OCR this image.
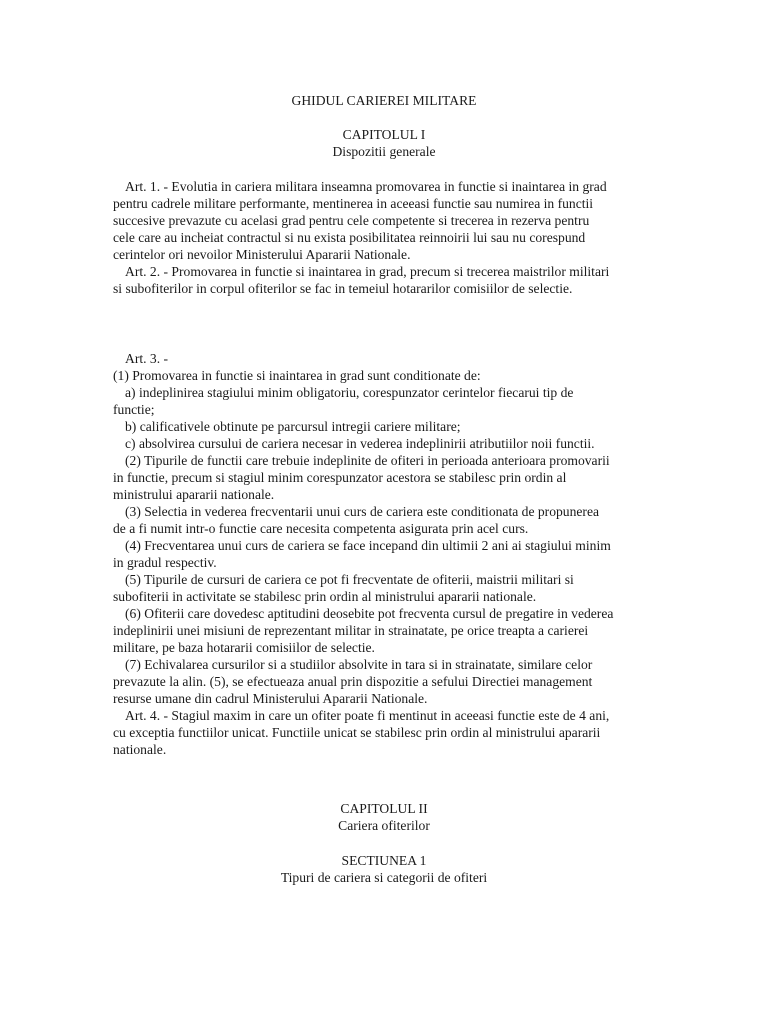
GHIDUL CARIEREI MILITARE
CAPITOLUL I
Dispozitii generale
Art. 1. - Evolutia in cariera militara inseamna promovarea in functie si inaintarea in grad
pentru cadrele militare performante, mentinerea in aceeasi functie sau numirea in functii
succesive prevazute cu acelasi grad pentru cele competente si trecerea in rezerva pentru
cele care au incheiat contractul si nu exista posibilitatea reinnoirii lui sau nu corespund
cerintelor ori nevoilor Ministerului Apararii Nationale.
Art. 2. - Promovarea in functie si inaintarea in grad, precum si trecerea maistrilor militari
si subofiterilor in corpul ofiterilor se fac in temeiul hotararilor comisiilor de selectie.
Art. 3. -
(1) Promovarea in functie si inaintarea in grad sunt conditionate de:
a) indeplinirea stagiului minim obligatoriu, corespunzator cerintelor fiecarui tip de
functie;
b) calificativele obtinute pe parcursul intregii cariere militare;
c) absolvirea cursului de cariera necesar in vederea indeplinirii atributiilor noii functii.
(2) Tipurile de functii care trebuie indeplinite de ofiteri in perioada anterioara promovarii
in functie, precum si stagiul minim corespunzator acestora se stabilesc prin ordin al
ministrului apararii nationale.
(3) Selectia in vederea frecventarii unui curs de cariera este conditionata de propunerea
de a fi numit intr-o functie care necesita competenta asigurata prin acel curs.
(4) Frecventarea unui curs de cariera se face incepand din ultimii 2 ani ai stagiului minim
in gradul respectiv.
(5) Tipurile de cursuri de cariera ce pot fi frecventate de ofiterii, maistrii militari si
subofiterii in activitate se stabilesc prin ordin al ministrului apararii nationale.
(6) Ofiterii care dovedesc aptitudini deosebite pot frecventa cursul de pregatire in vederea
indeplinirii unei misiuni de reprezentant militar in strainatate, pe orice treapta a carierei
militare, pe baza hotararii comisiilor de selectie.
(7) Echivalarea cursurilor si a studiilor absolvite in tara si in strainatate, similare celor
prevazute la alin. (5), se efectueaza anual prin dispozitie a sefului Directiei management
resurse umane din cadrul Ministerului Apararii Nationale.
Art. 4. - Stagiul maxim in care un ofiter poate fi mentinut in aceeasi functie este de 4 ani,
cu exceptia functiilor unicat. Functiile unicat se stabilesc prin ordin al ministrului apararii
nationale.
CAPITOLUL II
Cariera ofiterilor
SECTIUNEA 1
Tipuri de cariera si categorii de ofiteri
